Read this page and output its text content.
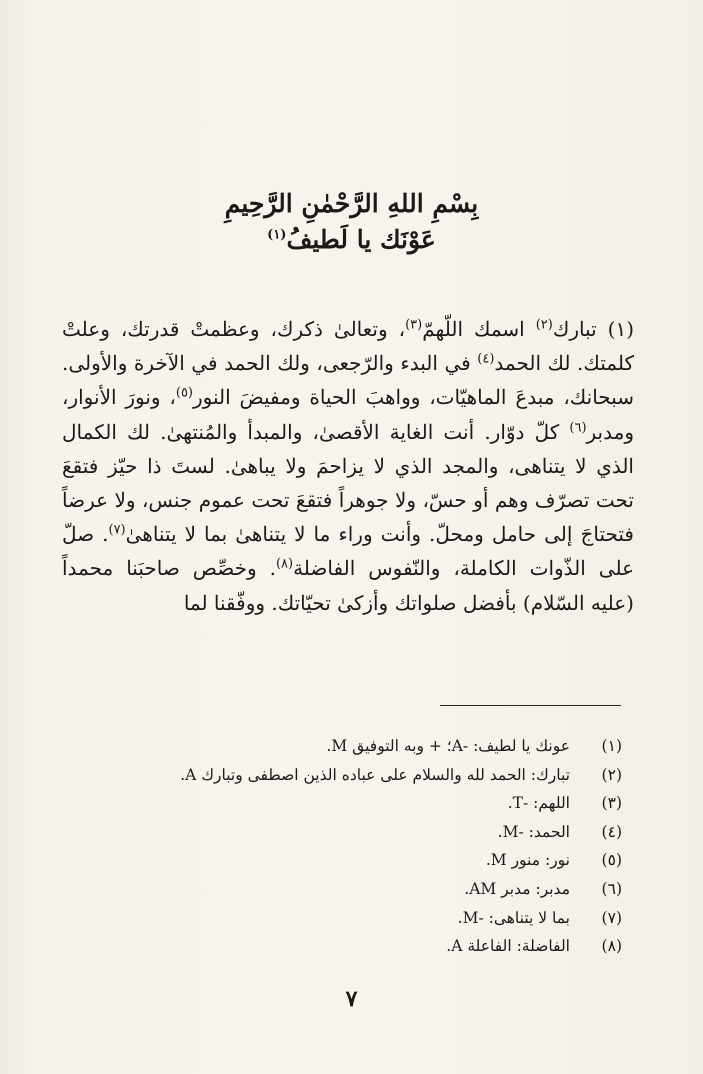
بِسْمِ اللهِ الرَّحْمٰنِ الرَّحِيمِ

عَوْنَك يا لَطيفُ$^{(١)}$

(١) تبارك$^{(٢)}$ اسمك اللّهمّ$^{(٣)}$، وتعالىٰ ذكرك، وعظمتْ قدرتك، وعلتْ كلمتك. لك الحمد$^{(٤)}$ في البدء والرّجعى، ولك الحمد في الآخرة والأولى. سبحانك، مبدعَ الماهيّات، وواهبَ الحياة ومفيضَ النور$^{(٥)}$، ونورَ الأنوار، ومدبر$^{(٦)}$ كلّ دوّار. أنت الغاية الأقصىٰ، والمبدأ والمُنتهىٰ. لك الكمال الذي لا يتناهى، والمجد الذي لا يزاحمَ ولا يباهىٰ. لستَ ذا حيّز فتقعَ تحت تصرّف وهم أو حسّ، ولا جوهراً فتقعَ تحت عموم جنس، ولا عرضاً فتحتاجَ إلى حامل ومحلّ. وأنت وراء ما لا يتناهىٰ بما لا يتناهىٰ$^{(٧)}$. صلّ على الذّوات الكاملة، والنّفوس الفاضلة$^{(٨)}$. وخصِّص صاحبَنا محمداً (عليه السّلام) بأفضل صلواتك وأزكىٰ تحيّاتك. ووفّقنا لما

(١)
عونك يا لطيف: -A؛ + وبه التوفيق M.
(٢)
تبارك: الحمد لله والسلام على عباده الذين اصطفى وتبارك A.
(٣)
اللهم: -T.
(٤)
الحمد: -M.
(٥)
نور: منور M.
(٦)
مدبر: مدبر AM.
(٧)
بما لا يتناهى: -M.
(٨)
الفاضلة: الفاعلة A.
٧
